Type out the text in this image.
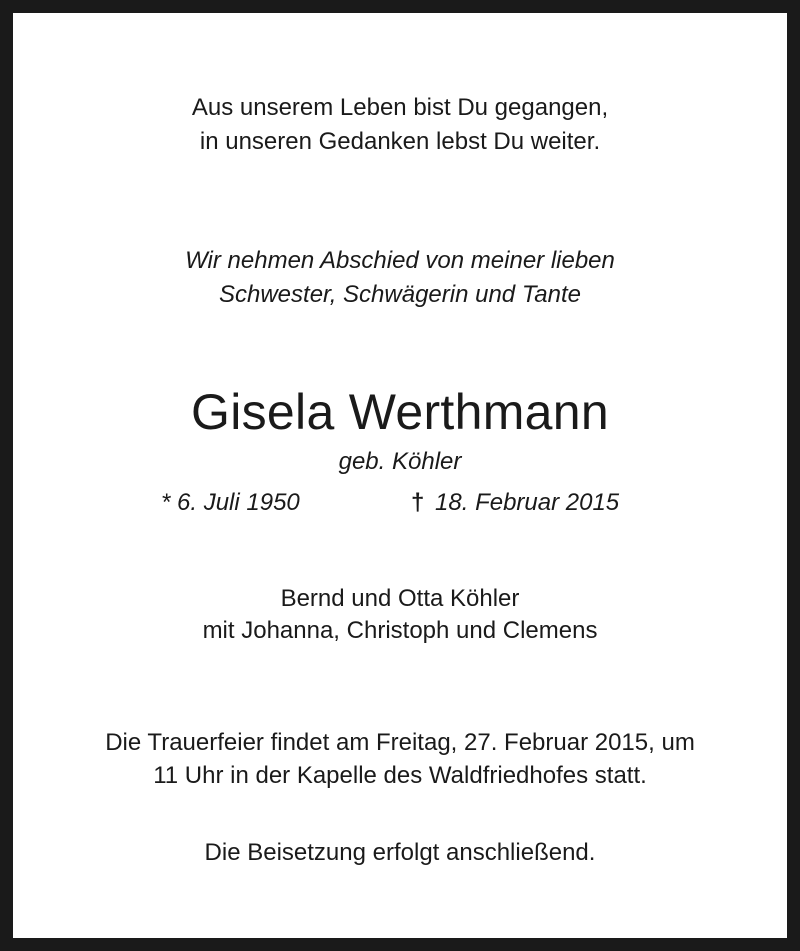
Aus unserem Leben bist Du gegangen,
in unseren Gedanken lebst Du weiter.
Wir nehmen Abschied von meiner lieben
Schwester, Schwägerin und Tante
Gisela Werthmann
geb. Köhler
* 6. Juli 1950	† 18. Februar 2015
Bernd und Otta Köhler
mit Johanna, Christoph und Clemens
Die Trauerfeier findet am Freitag, 27. Februar 2015, um
11 Uhr in der Kapelle des Waldfriedhofes statt.
Die Beisetzung erfolgt anschließend.
